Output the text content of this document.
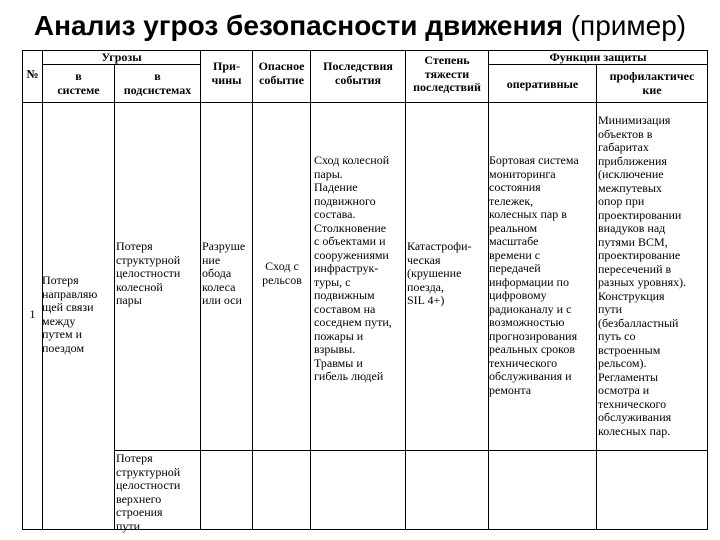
Анализ угроз безопасности движения (пример)
№
Угрозы
в
системе
в
подсистемах
При-
чины
Опасное
событие
Последствия
события
Степень
тяжести
последствий
Функции защиты
оперативные
профилактичес
кие
1
Потеря
направляю
щей связи
между
путем и
поездом
Потеря
структурной
целостности
колесной
пары
Потеря
структурной
целостности
верхнего
строения
пути
Разруше
ние
обода
колеса
или оси
Сход с
рельсов
Сход колесной
пары.
Падение
подвижного
состава.
Столкновение
с объектами и
сооружениями
инфраструк-
туры, с
подвижным
составом на
соседнем пути,
пожары и
взрывы.
Травмы и
гибель людей
Катастрофи-
ческая
(крушение
поезда,
SIL 4+)
Бортовая система
мониторинга
состояния
тележек,
колесных пар в
реальном
масштабе
времени с
передачей
информации по
цифровому
радиоканалу и с
возможностью
прогнозирования
реальных сроков
технического
обслуживания и
ремонта
Минимизация
объектов в
габаритах
приближения
(исключение
межпутевых
опор при
проектировании
виадуков над
путями ВСМ,
проектирование
пересечений в
разных уровнях).
Конструкция
пути
(безбалластный
путь со
встроенным
рельсом).
Регламенты
осмотра и
технического
обслуживания
колесных пар.
